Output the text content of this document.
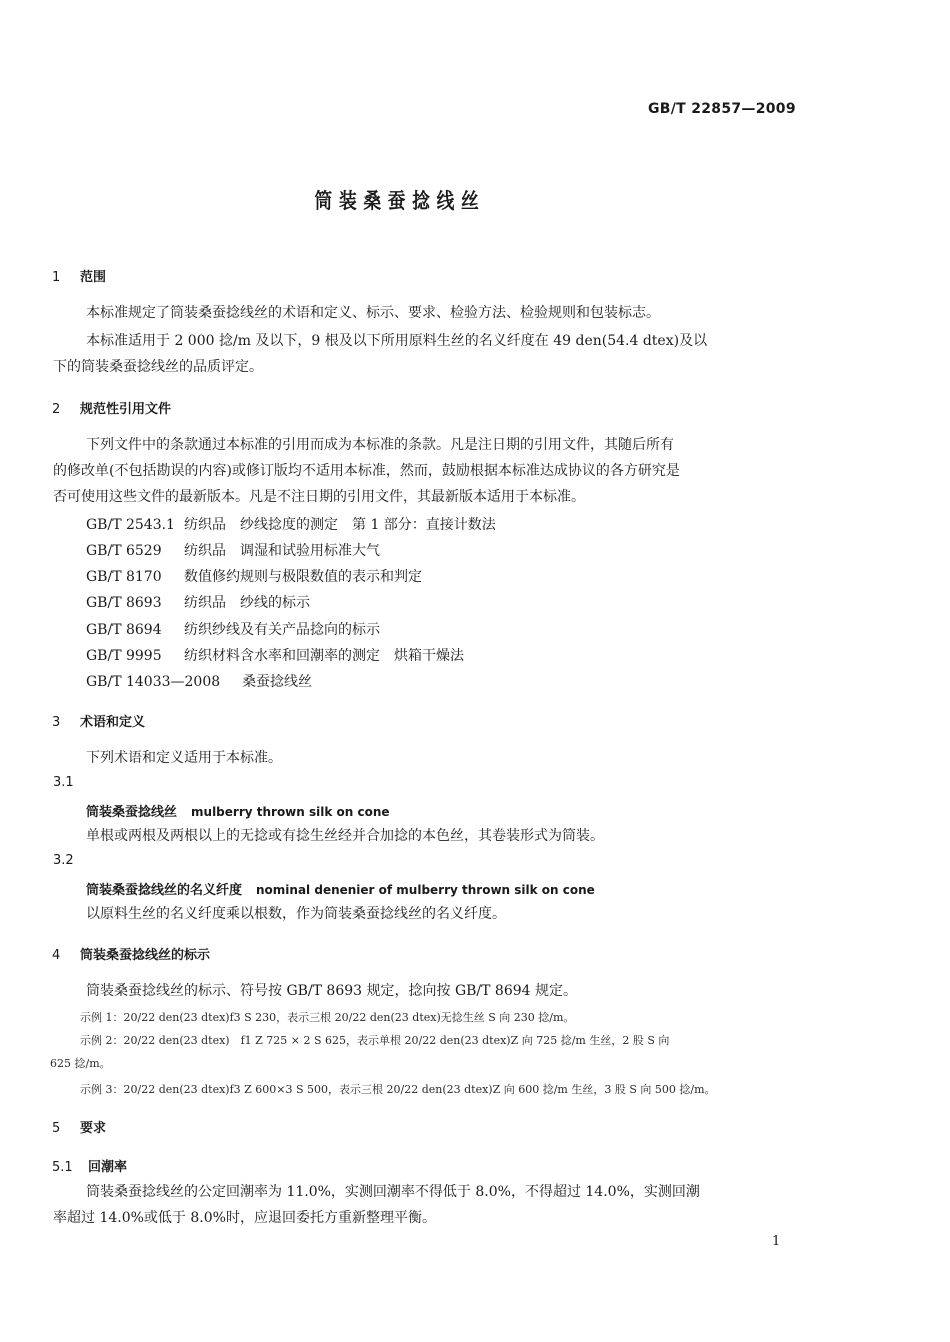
GB/T 22857—2009
筒装桑蚕捻线丝
1 范围
本标准规定了筒装桑蚕捻线丝的术语和定义、标示、要求、检验方法、检验规则和包装标志。
本标准适用于 2 000 捻/m 及以下，9 根及以下所用原料生丝的名义纤度在 49 den(54.4 dtex)及以
下的筒装桑蚕捻线丝的品质评定。
2 规范性引用文件
下列文件中的条款通过本标准的引用而成为本标准的条款。凡是注日期的引用文件，其随后所有
的修改单(不包括勘误的内容)或修订版均不适用本标准，然而，鼓励根据本标准达成协议的各方研究是
否可使用这些文件的最新版本。凡是不注日期的引用文件，其最新版本适用于本标准。
GB/T 2543.1 纺织品　纱线捻度的测定　第 1 部分：直接计数法
GB/T 6529 纺织品　调湿和试验用标准大气
GB/T 8170 数值修约规则与极限数值的表示和判定
GB/T 8693 纺织品　纱线的标示
GB/T 8694 纺织纱线及有关产品捻向的标示
GB/T 9995 纺织材料含水率和回潮率的测定　烘箱干燥法
GB/T 14033—2008 桑蚕捻线丝
3 术语和定义
下列术语和定义适用于本标准。
3.1
筒装桑蚕捻线丝 mulberry thrown silk on cone
单根或两根及两根以上的无捻或有捻生丝经并合加捻的本色丝，其卷装形式为筒装。
3.2
筒装桑蚕捻线丝的名义纤度 nominal denenier of mulberry thrown silk on cone
以原料生丝的名义纤度乘以根数，作为筒装桑蚕捻线丝的名义纤度。
4 筒装桑蚕捻线丝的标示
筒装桑蚕捻线丝的标示、符号按 GB/T 8693 规定，捻向按 GB/T 8694 规定。
示例 1：20/22 den(23 dtex)f3 S 230，表示三根 20/22 den(23 dtex)无捻生丝 S 向 230 捻/m。
示例 2：20/22 den(23 dtex)　f1 Z 725 × 2 S 625，表示单根 20/22 den(23 dtex)Z 向 725 捻/m 生丝，2 股 S 向
625 捻/m。
示例 3：20/22 den(23 dtex)f3 Z 600×3 S 500，表示三根 20/22 den(23 dtex)Z 向 600 捻/m 生丝，3 股 S 向 500 捻/m。
5 要求
5.1 回潮率
筒装桑蚕捻线丝的公定回潮率为 11.0%，实测回潮率不得低于 8.0%，不得超过 14.0%，实测回潮
率超过 14.0%或低于 8.0%时，应退回委托方重新整理平衡。
1
